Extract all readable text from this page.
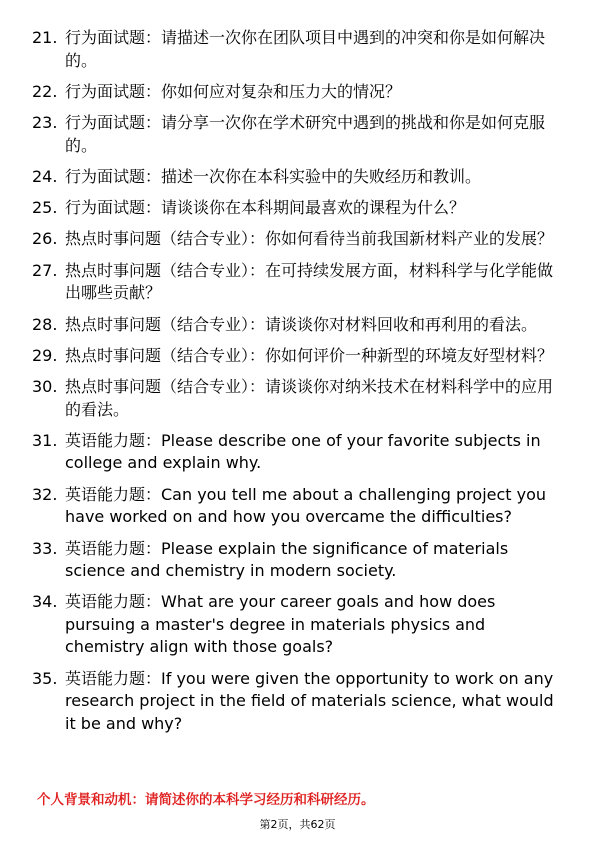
21. 行为面试题：请描述一次你在团队项目中遇到的冲突和你是如何解决的。
22. 行为面试题：你如何应对复杂和压力大的情况？
23. 行为面试题：请分享一次你在学术研究中遇到的挑战和你是如何克服的。
24. 行为面试题：描述一次你在本科实验中的失败经历和教训。
25. 行为面试题：请谈谈你在本科期间最喜欢的课程为什么？
26. 热点时事问题（结合专业）：你如何看待当前我国新材料产业的发展？
27. 热点时事问题（结合专业）：在可持续发展方面，材料科学与化学能做出哪些贡献？
28. 热点时事问题（结合专业）：请谈谈你对材料回收和再利用的看法。
29. 热点时事问题（结合专业）：你如何评价一种新型的环境友好型材料？
30. 热点时事问题（结合专业）：请谈谈你对纳米技术在材料科学中的应用的看法。
31. 英语能力题：Please describe one of your favorite subjects in college and explain why.
32. 英语能力题：Can you tell me about a challenging project you have worked on and how you overcame the difficulties?
33. 英语能力题：Please explain the significance of materials science and chemistry in modern society.
34. 英语能力题：What are your career goals and how does pursuing a master's degree in materials physics and chemistry align with those goals?
35. 英语能力题：If you were given the opportunity to work on any research project in the field of materials science, what would it be and why?
个人背景和动机：请简述你的本科学习经历和科研经历。
第2页，共62页
